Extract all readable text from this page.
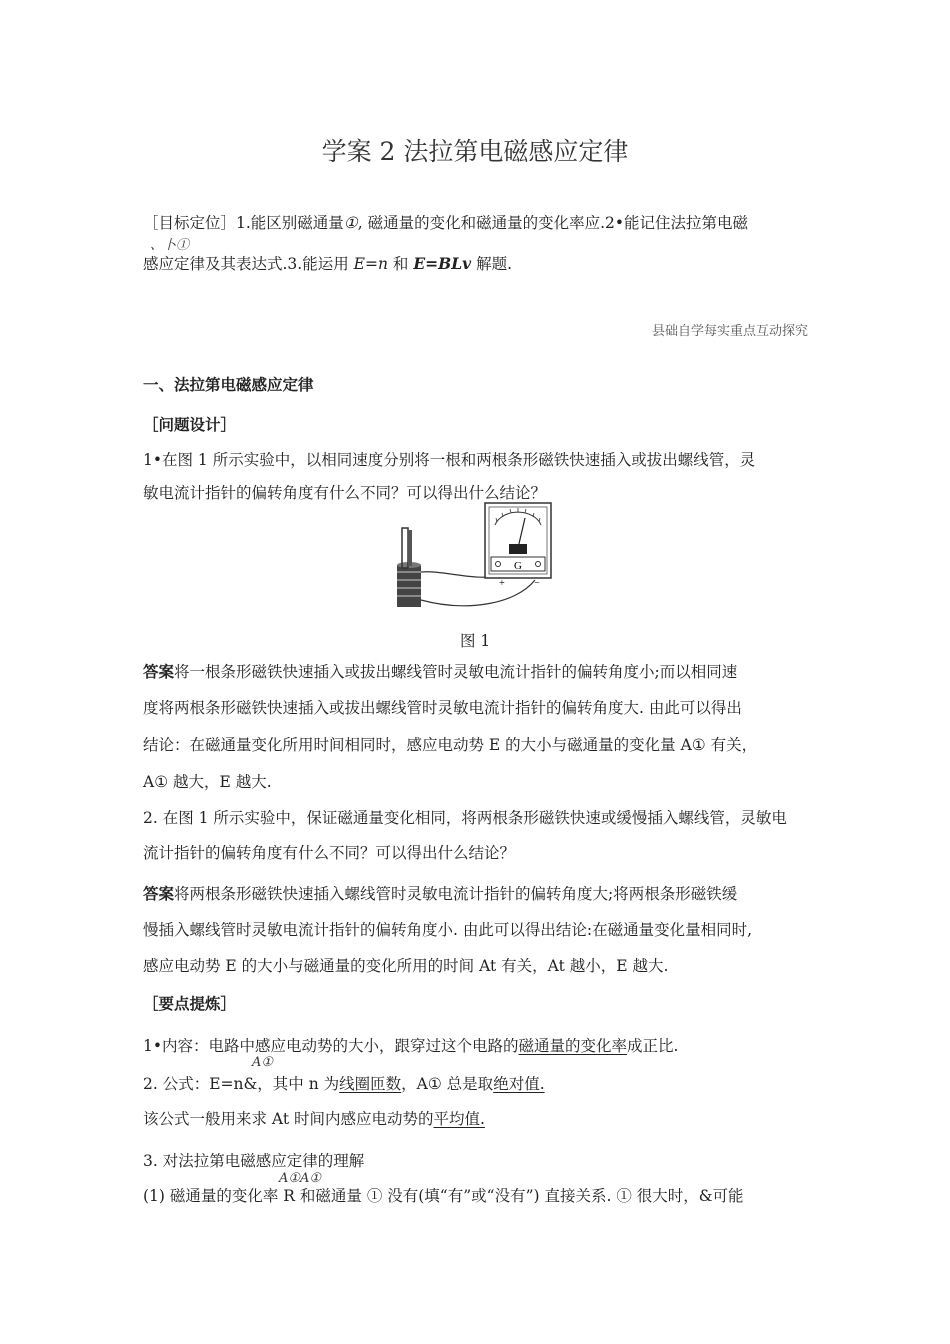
学案 2 法拉第电磁感应定律
［目标定位］1.能区别磁通量①, 磁通量的变化和磁通量的变化率应.2•能记住法拉第电磁
、卜①
感应定律及其表达式.3.能运用 E=n 和 E=BLv 解题.
县础自学每实重点互动探究
一、法拉第电磁感应定律
［问题设计］
1•在图 1 所示实验中，以相同速度分别将一根和两根条形磁铁快速插入或拔出螺线管，灵
敏电流计指针的偏转角度有什么不同？可以得出什么结论？
G
+	−
图 1
答案将一根条形磁铁快速插入或拔出螺线管时灵敏电流计指针的偏转角度小;而以相同速
度将两根条形磁铁快速插入或拔出螺线管时灵敏电流计指针的偏转角度大. 由此可以得出
结论：在磁通量变化所用时间相同时，感应电动势 E 的大小与磁通量的变化量 A① 有关，
A① 越大，E 越大.
2. 在图 1 所示实验中，保证磁通量变化相同，将两根条形磁铁快速或缓慢插入螺线管，灵敏电
流计指针的偏转角度有什么不同？可以得出什么结论？
答案将两根条形磁铁快速插入螺线管时灵敏电流计指针的偏转角度大;将两根条形磁铁缓
慢插入螺线管时灵敏电流计指针的偏转角度小. 由此可以得出结论:在磁通量变化量相同时,
感应电动势 E 的大小与磁通量的变化所用的时间 At 有关，At 越小，E 越大.
［要点提炼］
1•内容：电路中感应电动势的大小，跟穿过这个电路的磁通量的变化率成正比.
A①
2. 公式：E=n&，其中 n 为线圈匝数，A① 总是取绝对值.
该公式一般用来求 At 时间内感应电动势的平均值.
3. 对法拉第电磁感应定律的理解
A①A①
(1) 磁通量的变化率 R 和磁通量 ① 没有(填“有”或“没有”) 直接关系. ① 很大时，&可能
